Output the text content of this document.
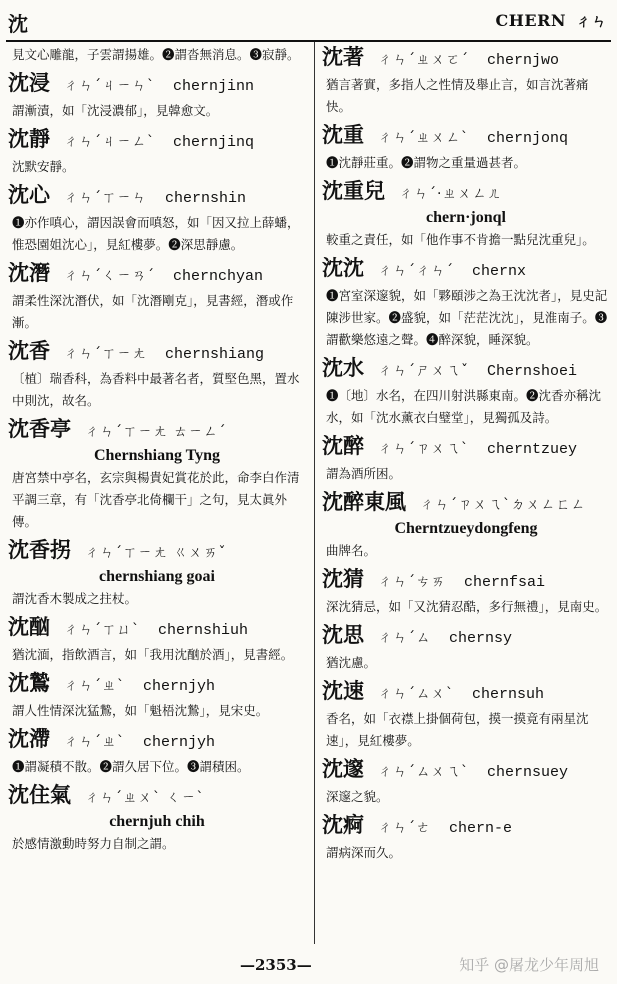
沈	CHERN ㄔㄣ
見文心雕龍，子雲謂揚雄。❷謂沓無消息。❸寂靜。
沈浸 ㄔㄣˊㄐㄧㄣˋ chernjinn
謂漸漬，如「沈浸濃郁」，見韓愈文。
沈靜 ㄔㄣˊㄐㄧㄥˋ chernjinq
沈默安靜。
沈心 ㄔㄣˊㄒㄧㄣ chernshin
❶亦作嗔心，謂因誤會而嗔怒，如「因又拉上薛蟠，惟恐園姐沈心」，見紅樓夢。❷深思靜慮。
沈潛 ㄔㄣˊㄑㄧㄢˊ chernchyan
謂柔性深沈潛伏，如「沈潛剛克」，見書經，潛或作漸。
沈香 ㄔㄣˊㄒㄧㄤ chernshiang
〔植〕瑞香科，為香料中最著名者，質堅色黑，置水中則沈，故名。
沈香亭 ㄔㄣˊㄒㄧㄤ ㄊㄧㄥˊ
Chernshiang Tyng
唐宮禁中亭名，玄宗與楊貴妃賞花於此，命李白作清平調三章，有「沈香亭北倚欄干」之句，見太眞外傳。
沈香拐 ㄔㄣˊㄒㄧㄤ ㄍㄨㄞˇ
chernshiang goai
謂沈香木製成之拄杖。
沈酗 ㄔㄣˊㄒㄩˋ chernshiuh
猶沈湎，指飲酒言，如「我用沈酗於酒」，見書經。
沈鷙 ㄔㄣˊㄓˋ chernjyh
謂人性情深沈猛鷙，如「魁梧沈鷙」，見宋史。
沈滯 ㄔㄣˊㄓˋ chernjyh
❶謂凝積不散。❷謂久居下位。❸謂積困。
沈住氣 ㄔㄣˊㄓㄨˋ ㄑㄧˋ
chernjuh chih
於感情激動時努力自制之謂。
沈著 ㄔㄣˊㄓㄨㄛˊ chernjwo
猶言著實，多指人之性情及舉止言，如言沈著痛快。
沈重 ㄔㄣˊㄓㄨㄥˋ chernjonq
❶沈靜莊重。❷謂物之重量過甚者。
沈重兒 ㄔㄣˊ·ㄓㄨㄥㄦ
chern·jonql
較重之責任，如「他作事不肯擔一點兒沈重兒」。
沈沈 ㄔㄣˊㄔㄣˊ chernx
❶宮室深邃貌，如「夥頤涉之為王沈沈者」，見史記陳涉世家。❷盛貌，如「茫茫沈沈」，見淮南子。❸謂歡樂悠遠之聲。❹醉深貌，睡深貌。
沈水 ㄔㄣˊㄕㄨㄟˇ Chernshoei
❶〔地〕水名，在四川射洪縣東南。❷沈香亦稱沈水，如「沈水薰衣白璧堂」，見獨孤及詩。
沈醉 ㄔㄣˊㄗㄨㄟˋ cherntzuey
謂為酒所困。
沈醉東風 ㄔㄣˊㄗㄨㄟˋㄉㄨㄥㄈㄥ
Cherntzueydongfeng
曲牌名。
沈猜 ㄔㄣˊㄘㄞ chernfsai
深沈猜忌，如「又沈猜忍酷，多行無禮」，見南史。
沈思 ㄔㄣˊㄙ chernsy
猶沈慮。
沈速 ㄔㄣˊㄙㄨˋ chernsuh
香名，如「衣襟上掛個荷包，摸一摸竟有兩星沈速」，見紅樓夢。
沈邃 ㄔㄣˊㄙㄨㄟˋ chernsuey
深邃之貌。
沈痾 ㄔㄣˊㄜ chern-e
謂病深而久。
—2353—	知乎 @屠龙少年周旭
